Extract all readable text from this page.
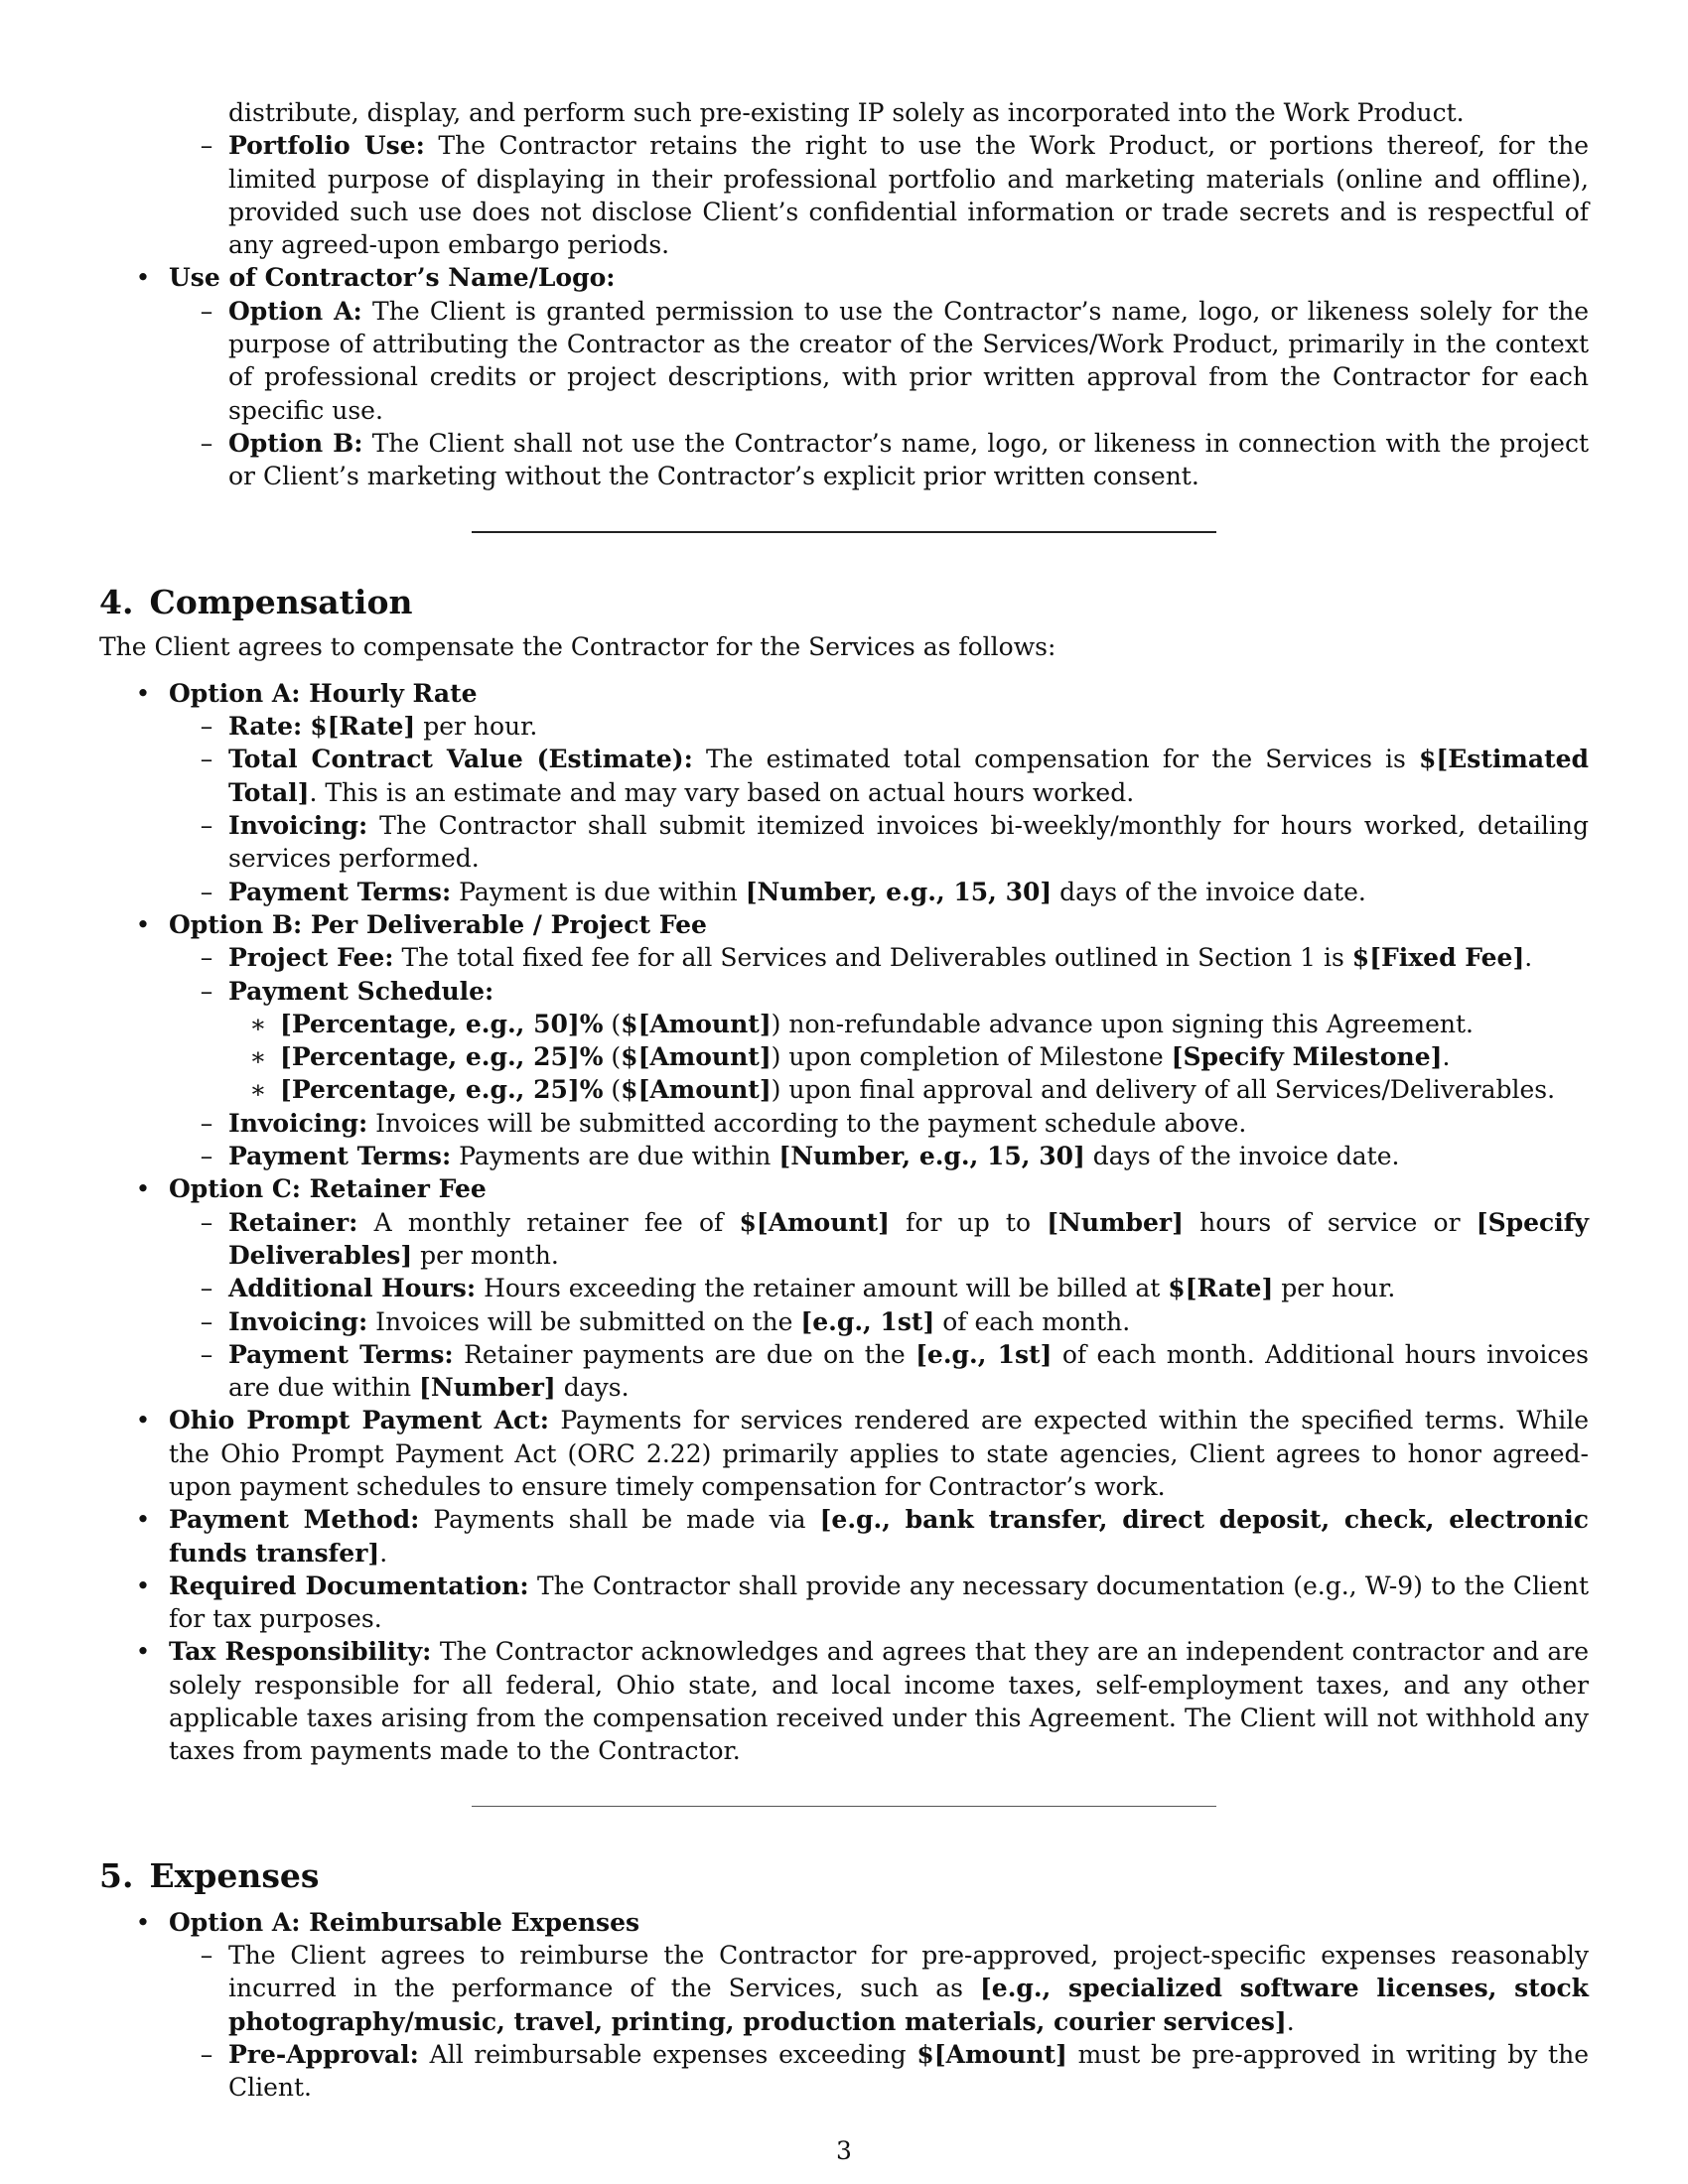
distribute, display, and perform such pre-existing IP solely as incorporated into the Work Product.
– Portfolio Use: The Contractor retains the right to use the Work Product, or portions thereof, for the limited purpose of displaying in their professional portfolio and marketing materials (online and offline), provided such use does not disclose Client’s confidential information or trade secrets and is respectful of any agreed-upon embargo periods.
• Use of Contractor’s Name/Logo:
– Option A: The Client is granted permission to use the Contractor’s name, logo, or likeness solely for the purpose of attributing the Contractor as the creator of the Services/Work Product, primarily in the context of professional credits or project descriptions, with prior written approval from the Contractor for each specific use.
– Option B: The Client shall not use the Contractor’s name, logo, or likeness in connection with the project or Client’s marketing without the Contractor’s explicit prior written consent.
4. Compensation
The Client agrees to compensate the Contractor for the Services as follows:
• Option A: Hourly Rate
– Rate: $[Rate] per hour.
– Total Contract Value (Estimate): The estimated total compensation for the Services is $[Estimated Total]. This is an estimate and may vary based on actual hours worked.
– Invoicing: The Contractor shall submit itemized invoices bi-weekly/monthly for hours worked, detailing services performed.
– Payment Terms: Payment is due within [Number, e.g., 15, 30] days of the invoice date.
• Option B: Per Deliverable / Project Fee
– Project Fee: The total fixed fee for all Services and Deliverables outlined in Section 1 is $[Fixed Fee].
– Payment Schedule:
∗ [Percentage, e.g., 50]% ($[Amount]) non-refundable advance upon signing this Agreement.
∗ [Percentage, e.g., 25]% ($[Amount]) upon completion of Milestone [Specify Milestone].
∗ [Percentage, e.g., 25]% ($[Amount]) upon final approval and delivery of all Services/Deliverables.
– Invoicing: Invoices will be submitted according to the payment schedule above.
– Payment Terms: Payments are due within [Number, e.g., 15, 30] days of the invoice date.
• Option C: Retainer Fee
– Retainer: A monthly retainer fee of $[Amount] for up to [Number] hours of service or [Specify Deliverables] per month.
– Additional Hours: Hours exceeding the retainer amount will be billed at $[Rate] per hour.
– Invoicing: Invoices will be submitted on the [e.g., 1st] of each month.
– Payment Terms: Retainer payments are due on the [e.g., 1st] of each month. Additional hours invoices are due within [Number] days.
• Ohio Prompt Payment Act: Payments for services rendered are expected within the specified terms. While the Ohio Prompt Payment Act (ORC 2.22) primarily applies to state agencies, Client agrees to honor agreed-upon payment schedules to ensure timely compensation for Contractor’s work.
• Payment Method: Payments shall be made via [e.g., bank transfer, direct deposit, check, electronic funds transfer].
• Required Documentation: The Contractor shall provide any necessary documentation (e.g., W-9) to the Client for tax purposes.
• Tax Responsibility: The Contractor acknowledges and agrees that they are an independent contractor and are solely responsible for all federal, Ohio state, and local income taxes, self-employment taxes, and any other applicable taxes arising from the compensation received under this Agreement. The Client will not withhold any taxes from payments made to the Contractor.
5. Expenses
• Option A: Reimbursable Expenses
– The Client agrees to reimburse the Contractor for pre-approved, project-specific expenses reasonably incurred in the performance of the Services, such as [e.g., specialized software licenses, stock photography/music, travel, printing, production materials, courier services].
– Pre-Approval: All reimbursable expenses exceeding $[Amount] must be pre-approved in writing by the Client.
3
